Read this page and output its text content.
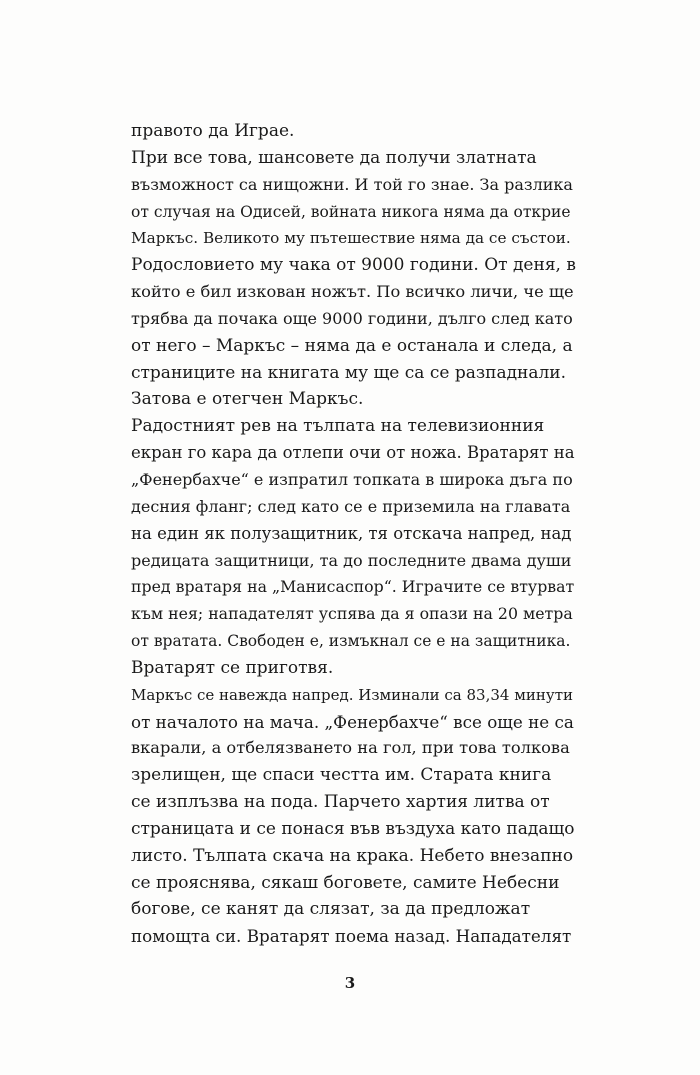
правото да Играе.
При все това, шансовете да получи златната
възможност са нищожни. И той го знае. За разлика
от случая на Одисей, войната никога няма да открие
Маркъс. Великото му пътешествие няма да се състои.
Родословието му чака от 9000 години. От деня, в
който е бил изкован ножът. По всичко личи, че ще
трябва да почака още 9000 години, дълго след като
от него – Маркъс – няма да е останала и следа, а
страниците на книгата му ще са се разпаднали.
Затова е отегчен Маркъс.
Радостният рев на тълпата на телевизионния
екран го кара да отлепи очи от ножа. Вратарят на
„Фенербахче“ е изпратил топката в широка дъга по
десния фланг; след като се е приземила на главата
на един як полузащитник, тя отскача напред, над
редицата защитници, та до последните двама души
пред вратаря на „Манисаспор“. Играчите се втурват
към нея; нападателят успява да я опази на 20 метра
от вратата. Свободен е, измъкнал се е на защитника.
Вратарят се приготвя.
Маркъс се навежда напред. Изминали са 83,34 минути
от началото на мача. „Фенербахче“ все още не са
вкарали, а отбелязването на гол, при това толкова
зрелищен, ще спаси честта им. Старата книга
се изплъзва на пода. Парчето хартия литва от
страницата и се понася във въздуха като падащо
листо. Тълпата скача на крака. Небето внезапно
се прояснява, сякаш боговете, самите Небесни
богове, се канят да слязат, за да предложат
помощта си. Вратарят поема назад. Нападателят
3
